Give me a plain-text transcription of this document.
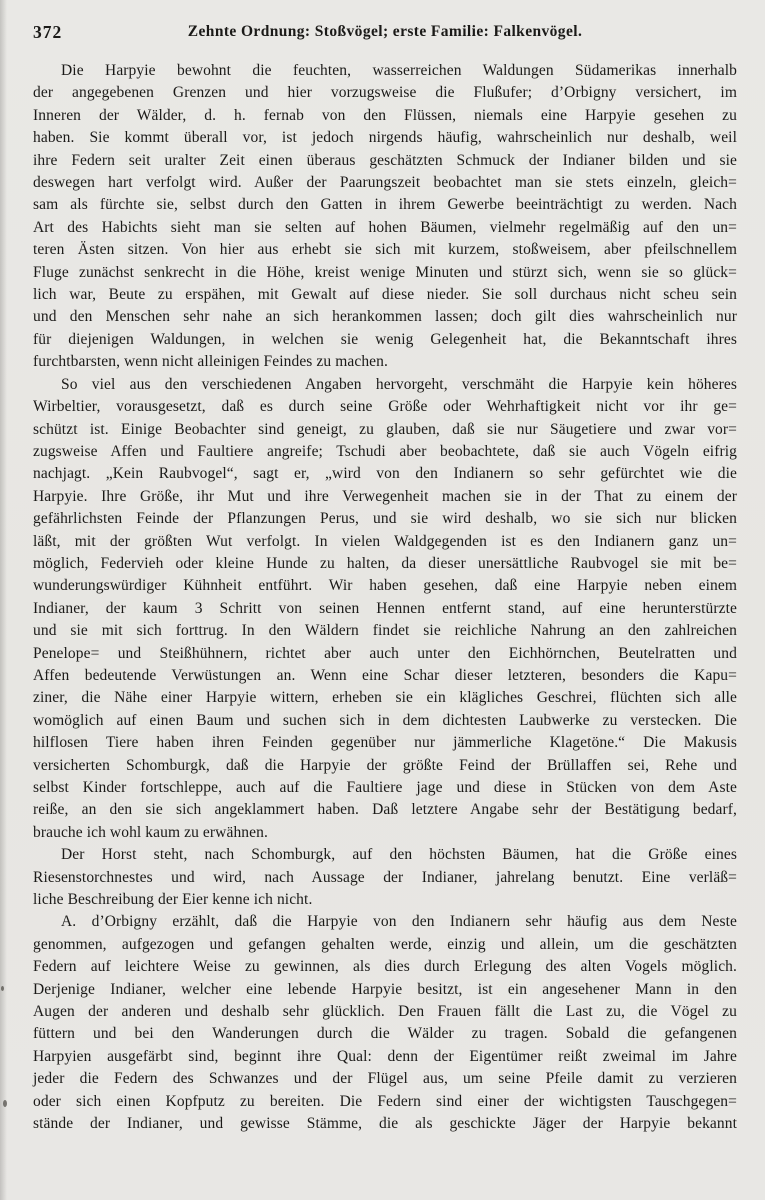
372	Zehnte Ordnung: Stoßvögel; erste Familie: Falkenvögel.
Die Harpyie bewohnt die feuchten, wasserreichen Waldungen Südamerikas innerhalb
der angegebenen Grenzen und hier vorzugsweise die Flußufer; d’Orbigny versichert, im
Inneren der Wälder, d. h. fernab von den Flüssen, niemals eine Harpyie gesehen zu
haben. Sie kommt überall vor, ist jedoch nirgends häufig, wahrscheinlich nur deshalb, weil
ihre Federn seit uralter Zeit einen überaus geschätzten Schmuck der Indianer bilden und sie
deswegen hart verfolgt wird. Außer der Paarungszeit beobachtet man sie stets einzeln, gleich=
sam als fürchte sie, selbst durch den Gatten in ihrem Gewerbe beeinträchtigt zu werden. Nach
Art des Habichts sieht man sie selten auf hohen Bäumen, vielmehr regelmäßig auf den un=
teren Ästen sitzen. Von hier aus erhebt sie sich mit kurzem, stoßweisem, aber pfeilschnellem
Fluge zunächst senkrecht in die Höhe, kreist wenige Minuten und stürzt sich, wenn sie so glück=
lich war, Beute zu erspähen, mit Gewalt auf diese nieder. Sie soll durchaus nicht scheu sein
und den Menschen sehr nahe an sich herankommen lassen; doch gilt dies wahrscheinlich nur
für diejenigen Waldungen, in welchen sie wenig Gelegenheit hat, die Bekanntschaft ihres
furchtbarsten, wenn nicht alleinigen Feindes zu machen.
So viel aus den verschiedenen Angaben hervorgeht, verschmäht die Harpyie kein höheres
Wirbeltier, vorausgesetzt, daß es durch seine Größe oder Wehrhaftigkeit nicht vor ihr ge=
schützt ist. Einige Beobachter sind geneigt, zu glauben, daß sie nur Säugetiere und zwar vor=
zugsweise Affen und Faultiere angreife; Tschudi aber beobachtete, daß sie auch Vögeln eifrig
nachjagt. „Kein Raubvogel“, sagt er, „wird von den Indianern so sehr gefürchtet wie die
Harpyie. Ihre Größe, ihr Mut und ihre Verwegenheit machen sie in der That zu einem der
gefährlichsten Feinde der Pflanzungen Perus, und sie wird deshalb, wo sie sich nur blicken
läßt, mit der größten Wut verfolgt. In vielen Waldgegenden ist es den Indianern ganz un=
möglich, Federvieh oder kleine Hunde zu halten, da dieser unersättliche Raubvogel sie mit be=
wunderungswürdiger Kühnheit entführt. Wir haben gesehen, daß eine Harpyie neben einem
Indianer, der kaum 3 Schritt von seinen Hennen entfernt stand, auf eine herunterstürzte
und sie mit sich forttrug. In den Wäldern findet sie reichliche Nahrung an den zahlreichen
Penelope= und Steißhühnern, richtet aber auch unter den Eichhörnchen, Beutelratten und
Affen bedeutende Verwüstungen an. Wenn eine Schar dieser letzteren, besonders die Kapu=
ziner, die Nähe einer Harpyie wittern, erheben sie ein klägliches Geschrei, flüchten sich alle
womöglich auf einen Baum und suchen sich in dem dichtesten Laubwerke zu verstecken. Die
hilflosen Tiere haben ihren Feinden gegenüber nur jämmerliche Klagetöne.“ Die Makusis
versicherten Schomburgk, daß die Harpyie der größte Feind der Brüllaffen sei, Rehe und
selbst Kinder fortschleppe, auch auf die Faultiere jage und diese in Stücken von dem Aste
reiße, an den sie sich angeklammert haben. Daß letztere Angabe sehr der Bestätigung bedarf,
brauche ich wohl kaum zu erwähnen.
Der Horst steht, nach Schomburgk, auf den höchsten Bäumen, hat die Größe eines
Riesenstorchnestes und wird, nach Aussage der Indianer, jahrelang benutzt. Eine verläß=
liche Beschreibung der Eier kenne ich nicht.
A. d’Orbigny erzählt, daß die Harpyie von den Indianern sehr häufig aus dem Neste
genommen, aufgezogen und gefangen gehalten werde, einzig und allein, um die geschätzten
Federn auf leichtere Weise zu gewinnen, als dies durch Erlegung des alten Vogels möglich.
Derjenige Indianer, welcher eine lebende Harpyie besitzt, ist ein angesehener Mann in den
Augen der anderen und deshalb sehr glücklich. Den Frauen fällt die Last zu, die Vögel zu
füttern und bei den Wanderungen durch die Wälder zu tragen. Sobald die gefangenen
Harpyien ausgefärbt sind, beginnt ihre Qual: denn der Eigentümer reißt zweimal im Jahre
jeder die Federn des Schwanzes und der Flügel aus, um seine Pfeile damit zu verzieren
oder sich einen Kopfputz zu bereiten. Die Federn sind einer der wichtigsten Tauschgegen=
stände der Indianer, und gewisse Stämme, die als geschickte Jäger der Harpyie bekannt
